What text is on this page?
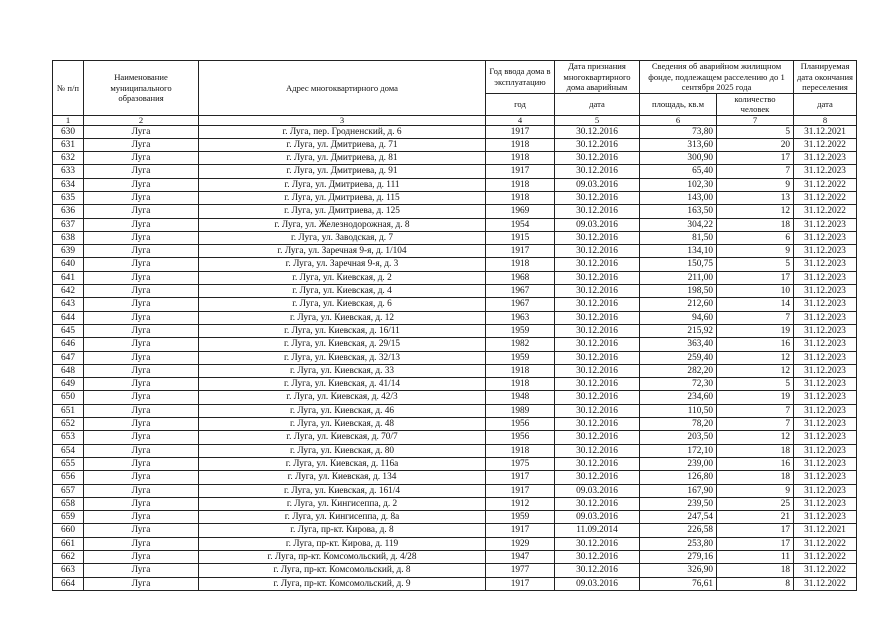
№ п/п	Наименование муниципального образования	Адрес многоквартирного дома	Год ввода дома в эксплуатацию	Дата признания многоквартирного дома аварийным	Сведения об аварийном жилищном фонде, подлежащем расселению до 1 сентября 2025 года		Планируемая дата окончания переселения
			год	дата	площадь, кв.м	количество человек	дата
1	2	3	4	5	6	7	8
630	Луга	г. Луга, пер. Гродненский, д. 6	1917	30.12.2016	73,80	5	31.12.2021
631	Луга	г. Луга, ул. Дмитриева, д. 71	1918	30.12.2016	313,60	20	31.12.2022
632	Луга	г. Луга, ул. Дмитриева, д. 81	1918	30.12.2016	300,90	17	31.12.2023
633	Луга	г. Луга, ул. Дмитриева, д. 91	1917	30.12.2016	65,40	7	31.12.2023
634	Луга	г. Луга, ул. Дмитриева, д. 111	1918	09.03.2016	102,30	9	31.12.2022
635	Луга	г. Луга, ул. Дмитриева, д. 115	1918	30.12.2016	143,00	13	31.12.2022
636	Луга	г. Луга, ул. Дмитриева, д. 125	1969	30.12.2016	163,50	12	31.12.2022
637	Луга	г. Луга, ул. Железнодорожная, д. 8	1954	09.03.2016	304,22	18	31.12.2023
638	Луга	г. Луга, ул. Заводская, д. 7	1915	30.12.2016	81,50	6	31.12.2023
639	Луга	г. Луга, ул. Заречная 9-я, д. 1/104	1917	30.12.2016	134,10	9	31.12.2023
640	Луга	г. Луга, ул. Заречная 9-я, д. 3	1918	30.12.2016	150,75	5	31.12.2023
641	Луга	г. Луга, ул. Киевская, д. 2	1968	30.12.2016	211,00	17	31.12.2023
642	Луга	г. Луга, ул. Киевская, д. 4	1967	30.12.2016	198,50	10	31.12.2023
643	Луга	г. Луга, ул. Киевская, д. 6	1967	30.12.2016	212,60	14	31.12.2023
644	Луга	г. Луга, ул. Киевская, д. 12	1963	30.12.2016	94,60	7	31.12.2023
645	Луга	г. Луга, ул. Киевская, д. 16/11	1959	30.12.2016	215,92	19	31.12.2023
646	Луга	г. Луга, ул. Киевская, д. 29/15	1982	30.12.2016	363,40	16	31.12.2023
647	Луга	г. Луга, ул. Киевская, д. 32/13	1959	30.12.2016	259,40	12	31.12.2023
648	Луга	г. Луга, ул. Киевская, д. 33	1918	30.12.2016	282,20	12	31.12.2023
649	Луга	г. Луга, ул. Киевская, д. 41/14	1918	30.12.2016	72,30	5	31.12.2023
650	Луга	г. Луга, ул. Киевская, д. 42/3	1948	30.12.2016	234,60	19	31.12.2023
651	Луга	г. Луга, ул. Киевская, д. 46	1989	30.12.2016	110,50	7	31.12.2023
652	Луга	г. Луга, ул. Киевская, д. 48	1956	30.12.2016	78,20	7	31.12.2023
653	Луга	г. Луга, ул. Киевская, д. 70/7	1956	30.12.2016	203,50	12	31.12.2023
654	Луга	г. Луга, ул. Киевская, д. 80	1918	30.12.2016	172,10	18	31.12.2023
655	Луга	г. Луга, ул. Киевская, д. 116а	1975	30.12.2016	239,00	16	31.12.2023
656	Луга	г. Луга, ул. Киевская, д. 134	1917	30.12.2016	126,80	18	31.12.2023
657	Луга	г. Луга, ул. Киевская, д. 161/4	1917	09.03.2016	167,90	9	31.12.2023
658	Луга	г. Луга, ул. Кингисеппа, д. 2	1912	30.12.2016	239,50	25	31.12.2023
659	Луга	г. Луга, ул. Кингисеппа, д. 8а	1959	09.03.2016	247,54	21	31.12.2023
660	Луга	г. Луга, пр-кт. Кирова, д. 8	1917	11.09.2014	226,58	17	31.12.2021
661	Луга	г. Луга, пр-кт. Кирова, д. 119	1929	30.12.2016	253,80	17	31.12.2022
662	Луга	г. Луга, пр-кт. Комсомольский, д. 4/28	1947	30.12.2016	279,16	11	31.12.2022
663	Луга	г. Луга, пр-кт. Комсомольский, д. 8	1977	30.12.2016	326,90	18	31.12.2022
664	Луга	г. Луга, пр-кт. Комсомольский, д. 9	1917	09.03.2016	76,61	8	31.12.2022
